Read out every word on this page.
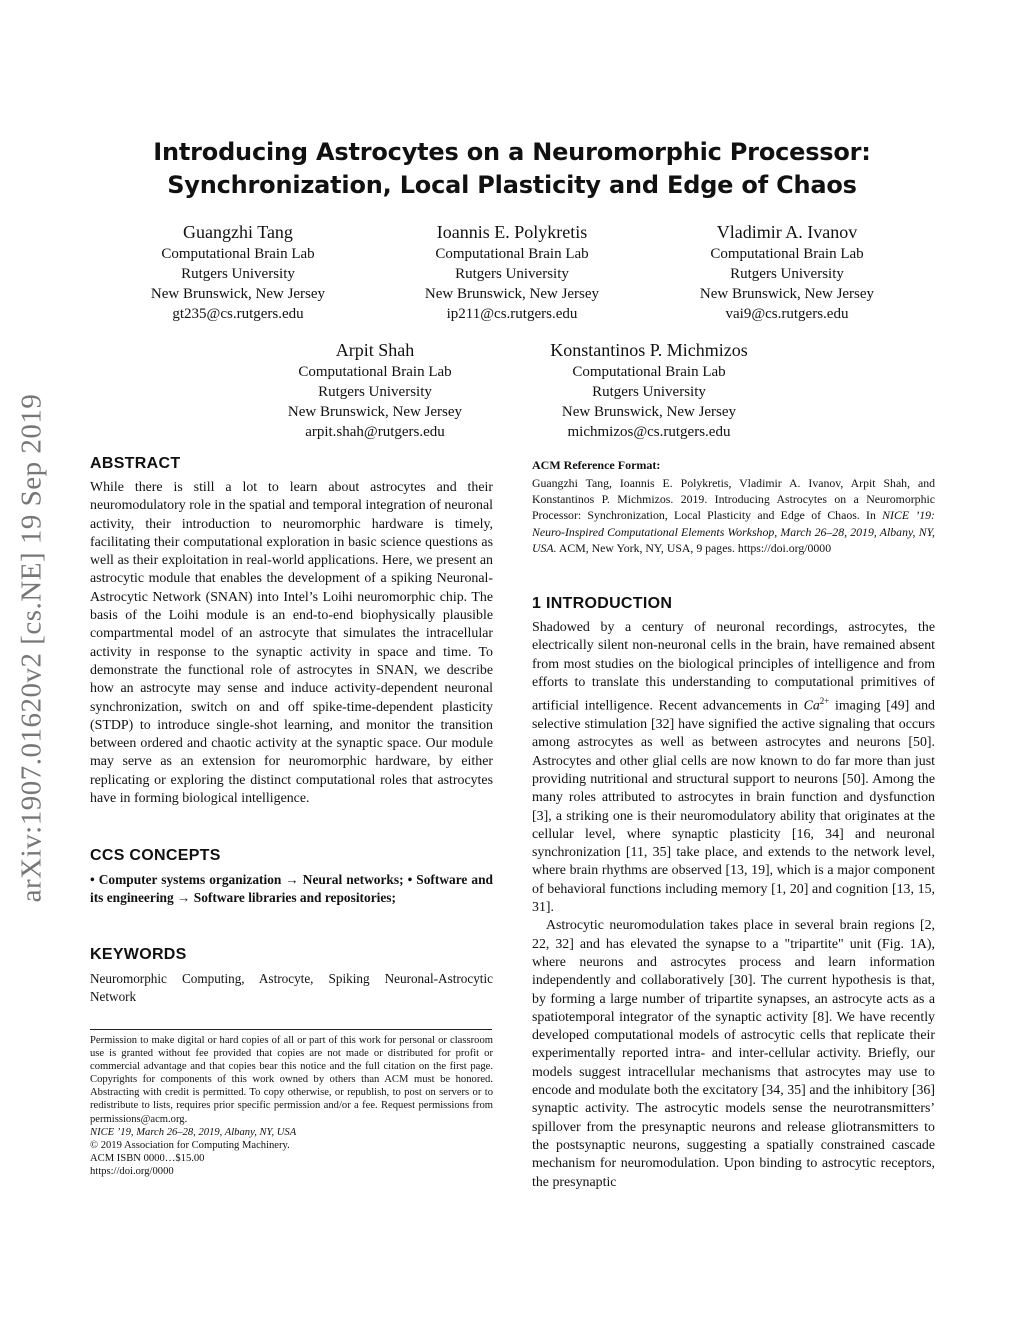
arXiv:1907.01620v2 [cs.NE] 19 Sep 2019
Introducing Astrocytes on a Neuromorphic Processor:
Synchronization, Local Plasticity and Edge of Chaos
Guangzhi Tang
Computational Brain Lab
Rutgers University
New Brunswick, New Jersey
gt235@cs.rutgers.edu
Ioannis E. Polykretis
Computational Brain Lab
Rutgers University
New Brunswick, New Jersey
ip211@cs.rutgers.edu
Vladimir A. Ivanov
Computational Brain Lab
Rutgers University
New Brunswick, New Jersey
vai9@cs.rutgers.edu
Arpit Shah
Computational Brain Lab
Rutgers University
New Brunswick, New Jersey
arpit.shah@rutgers.edu
Konstantinos P. Michmizos
Computational Brain Lab
Rutgers University
New Brunswick, New Jersey
michmizos@cs.rutgers.edu
ABSTRACT

While there is still a lot to learn about astrocytes and their neuromodulatory role in the spatial and temporal integration of neuronal activity, their introduction to neuromorphic hardware is timely, facilitating their computational exploration in basic science questions as well as their exploitation in real-world applications. Here, we present an astrocytic module that enables the development of a spiking Neuronal-Astrocytic Network (SNAN) into Intel’s Loihi neuromorphic chip. The basis of the Loihi module is an end-to-end biophysically plausible compartmental model of an astrocyte that simulates the intracellular activity in response to the synaptic activity in space and time. To demonstrate the functional role of astrocytes in SNAN, we describe how an astrocyte may sense and induce activity-dependent neuronal synchronization, switch on and off spike-time-dependent plasticity (STDP) to introduce single-shot learning, and monitor the transition between ordered and chaotic activity at the synaptic space. Our module may serve as an extension for neuromorphic hardware, by either replicating or exploring the distinct computational roles that astrocytes have in forming biological intelligence.

CCS CONCEPTS

• Computer systems organization → Neural networks; • Software and its engineering → Software libraries and repositories;

KEYWORDS

Neuromorphic Computing, Astrocyte, Spiking Neuronal-Astrocytic Network

Permission to make digital or hard copies of all or part of this work for personal or classroom use is granted without fee provided that copies are not made or distributed for profit or commercial advantage and that copies bear this notice and the full citation on the first page. Copyrights for components of this work owned by others than ACM must be honored. Abstracting with credit is permitted. To copy otherwise, or republish, to post on servers or to redistribute to lists, requires prior specific permission and/or a fee. Request permissions from permissions@acm.org.

NICE ’19, March 26–28, 2019, Albany, NY, USA

© 2019 Association for Computing Machinery.

ACM ISBN 0000…$15.00

https://doi.org/0000

ACM Reference Format:

Guangzhi Tang, Ioannis E. Polykretis, Vladimir A. Ivanov, Arpit Shah, and Konstantinos P. Michmizos. 2019. Introducing Astrocytes on a Neuromorphic Processor: Synchronization, Local Plasticity and Edge of Chaos. In NICE ’19: Neuro-Inspired Computational Elements Workshop, March 26–28, 2019, Albany, NY, USA. ACM, New York, NY, USA, 9 pages. https://doi.org/0000

1 INTRODUCTION

Shadowed by a century of neuronal recordings, astrocytes, the electrically silent non-neuronal cells in the brain, have remained absent from most studies on the biological principles of intelligence and from efforts to translate this understanding to computational primitives of artificial intelligence. Recent advancements in $Ca^{2+}$ imaging [49] and selective stimulation [32] have signified the active signaling that occurs among astrocytes as well as between astrocytes and neurons [50]. Astrocytes and other glial cells are now known to do far more than just providing nutritional and structural support to neurons [50]. Among the many roles attributed to astrocytes in brain function and dysfunction [3], a striking one is their neuromodulatory ability that originates at the cellular level, where synaptic plasticity [16, 34] and neuronal synchronization [11, 35] take place, and extends to the network level, where brain rhythms are observed [13, 19], which is a major component of behavioral functions including memory [1, 20] and cognition [13, 15, 31].

Astrocytic neuromodulation takes place in several brain regions [2, 22, 32] and has elevated the synapse to a "tripartite" unit (Fig. 1A), where neurons and astrocytes process and learn information independently and collaboratively [30]. The current hypothesis is that, by forming a large number of tripartite synapses, an astrocyte acts as a spatiotemporal integrator of the synaptic activity [8]. We have recently developed computational models of astrocytic cells that replicate their experimentally reported intra- and inter-cellular activity. Briefly, our models suggest intracellular mechanisms that astrocytes may use to encode and modulate both the excitatory [34, 35] and the inhibitory [36] synaptic activity. The astrocytic models sense the neurotransmitters’ spillover from the presynaptic neurons and release gliotransmitters to the postsynaptic neurons, suggesting a spatially constrained cascade mechanism for neuromodulation. Upon binding to astrocytic receptors, the presynaptic
